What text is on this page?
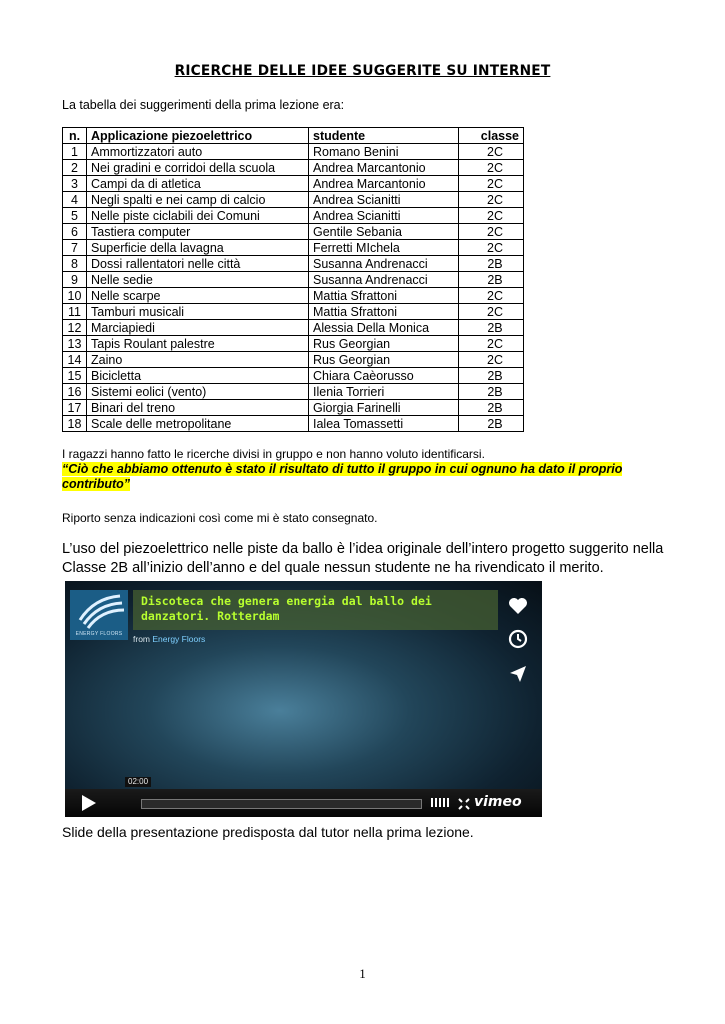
RICERCHE DELLE IDEE SUGGERITE SU INTERNET
La tabella dei suggerimenti della prima lezione era:
n.	Applicazione piezoelettrico	studente	classe
1	Ammortizzatori auto	Romano Benini	2C
2	Nei gradini e corridoi della scuola	Andrea Marcantonio	2C
3	Campi da di atletica	Andrea Marcantonio	2C
4	Negli spalti e nei camp di calcio	Andrea Scianitti	2C
5	Nelle piste ciclabili dei Comuni	Andrea Scianitti	2C
6	Tastiera computer	Gentile Sebania	2C
7	Superficie della lavagna	Ferretti MIchela	2C
8	Dossi rallentatori nelle città	Susanna Andrenacci	2B
9	Nelle sedie	Susanna Andrenacci	2B
10	Nelle scarpe	Mattia Sfrattoni	2C
11	Tamburi musicali	Mattia Sfrattoni	2C
12	Marciapiedi	Alessia Della Monica	2B
13	Tapis Roulant palestre	Rus Georgian	2C
14	Zaino	Rus Georgian	2C
15	Bicicletta	Chiara Caèorusso	2B
16	Sistemi eolici (vento)	Ilenia Torrieri	2B
17	Binari del treno	Giorgia Farinelli	2B
18	Scale delle metropolitane	Ialea Tomassetti	2B
I ragazzi hanno fatto le ricerche divisi in gruppo e non hanno voluto identificarsi.
“Ciò che abbiamo ottenuto è stato il risultato di tutto il gruppo in cui ognuno ha dato il proprio contributo”
Riporto senza indicazioni così come mi è stato consegnato.
L’uso del piezoelettrico nelle piste da ballo è l’idea originale dell’intero progetto suggerito nella Classe 2B all’inizio dell’anno e del quale nessun studente ne ha rivendicato il merito.
ENERGY FLOORS
Discoteca che genera energia dal ballo dei danzatori. Rotterdam
from Energy Floors
02:00
vimeo
Slide della presentazione predisposta dal tutor nella prima lezione.
1
